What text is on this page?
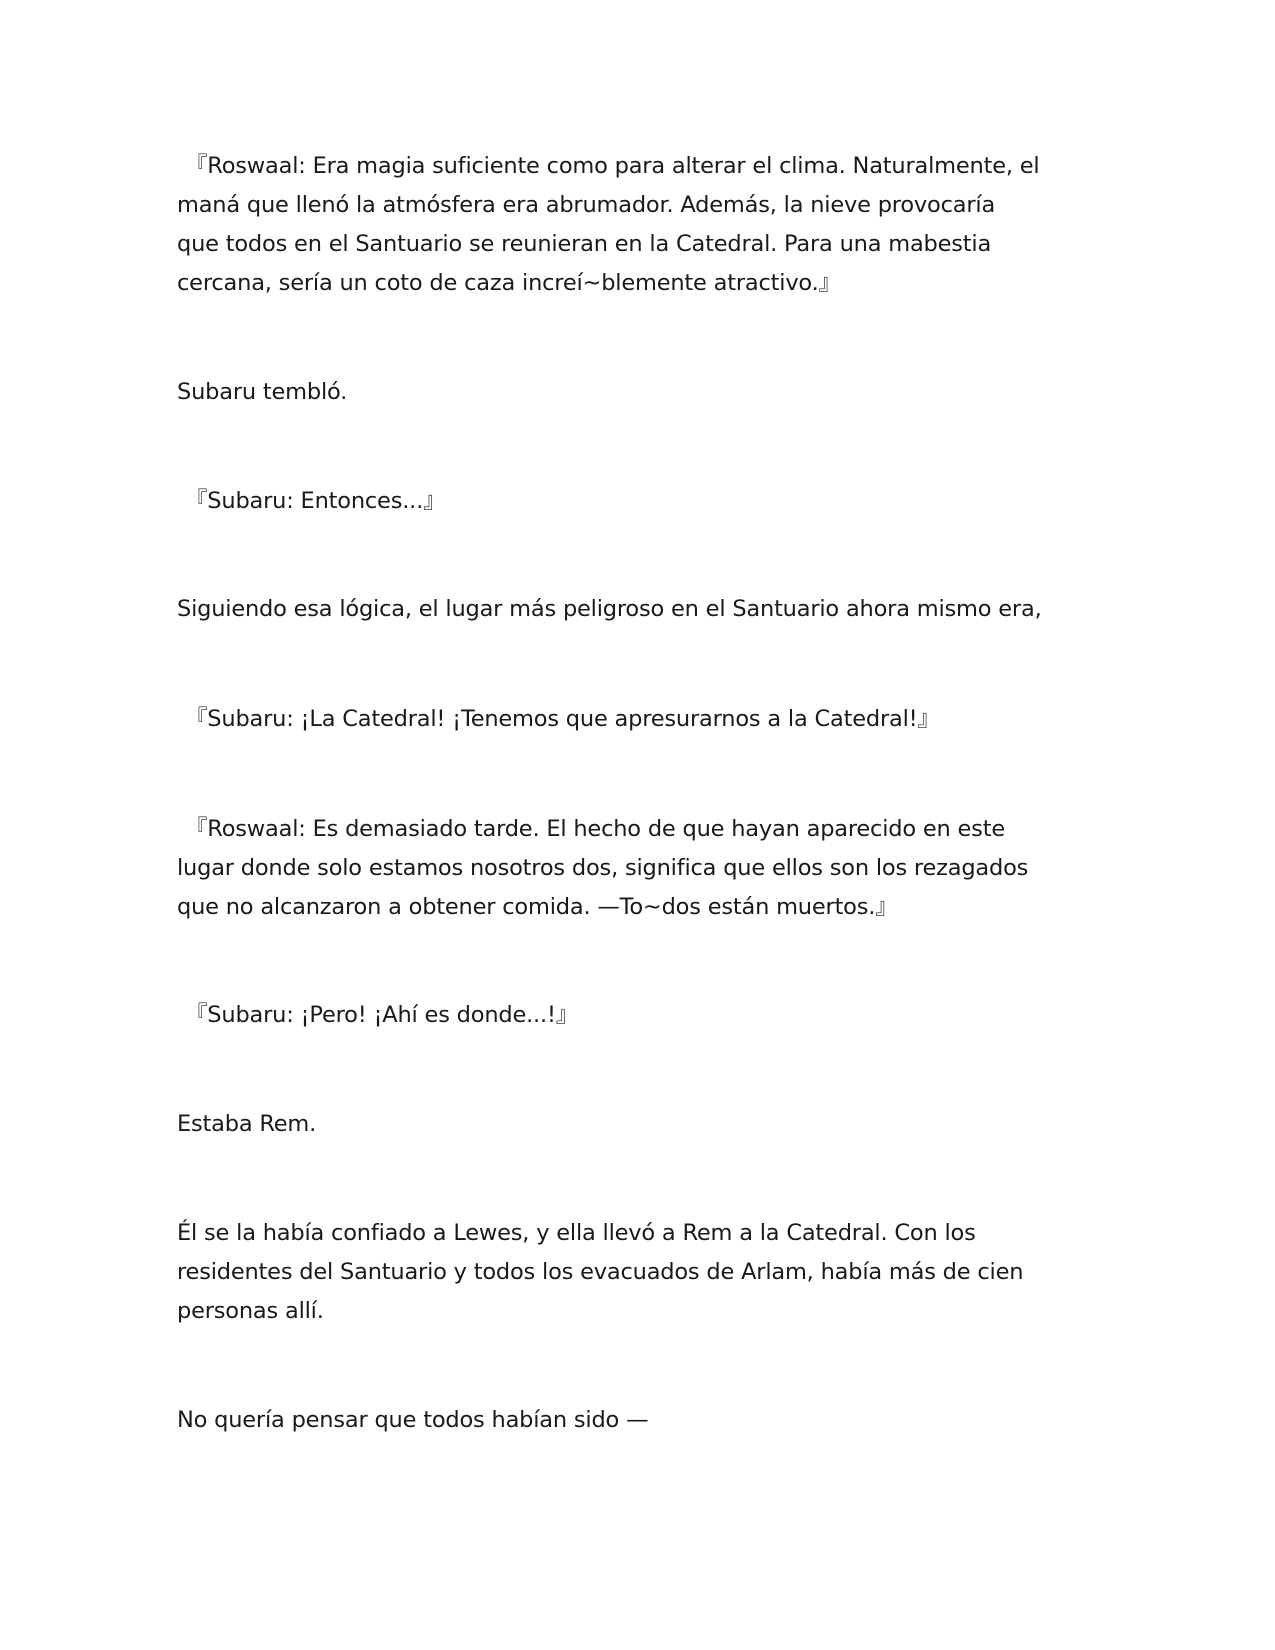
『Roswaal: Era magia suficiente como para alterar el clima. Naturalmente, el
maná que llenó la atmósfera era abrumador. Además, la nieve provocaría
que todos en el Santuario se reunieran en la Catedral. Para una mabestia
cercana, sería un coto de caza increí~blemente atractivo.』

Subaru tembló.

『Subaru: Entonces...』

Siguiendo esa lógica, el lugar más peligroso en el Santuario ahora mismo era,

『Subaru: ¡La Catedral! ¡Tenemos que apresurarnos a la Catedral!』

『Roswaal: Es demasiado tarde. El hecho de que hayan aparecido en este
lugar donde solo estamos nosotros dos, significa que ellos son los rezagados
que no alcanzaron a obtener comida. —To~dos están muertos.』

『Subaru: ¡Pero! ¡Ahí es donde...!』

Estaba Rem.

Él se la había confiado a Lewes, y ella llevó a Rem a la Catedral. Con los
residentes del Santuario y todos los evacuados de Arlam, había más de cien
personas allí.

No quería pensar que todos habían sido —
